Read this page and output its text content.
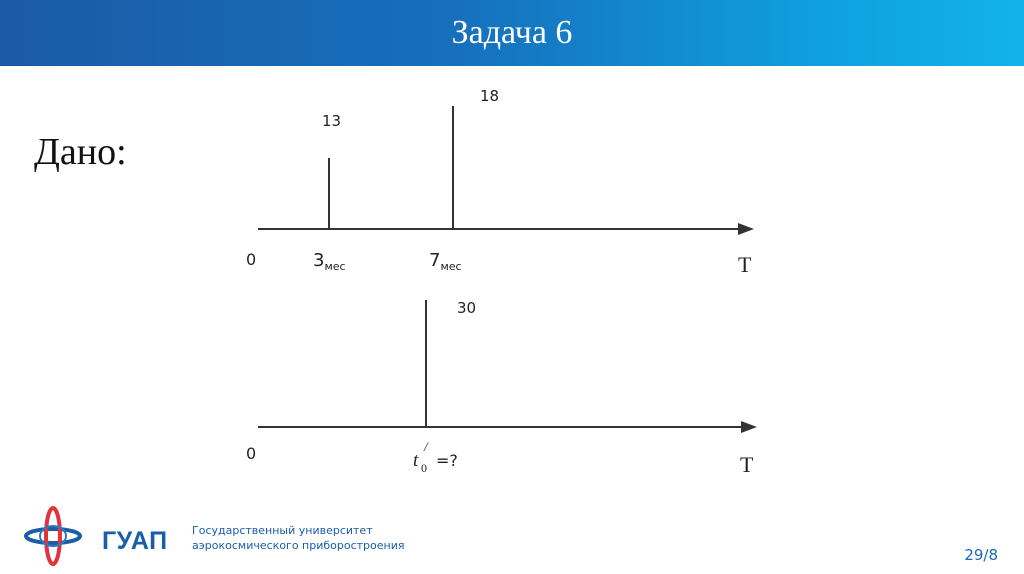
Задача 6
Дано:
13
18
0	$3_{мес}$	$7_{мес}$	T
30
0	t 0
/
=?	T
ГУАП Государственный университет
аэрокосмического приборостроения
29/8
